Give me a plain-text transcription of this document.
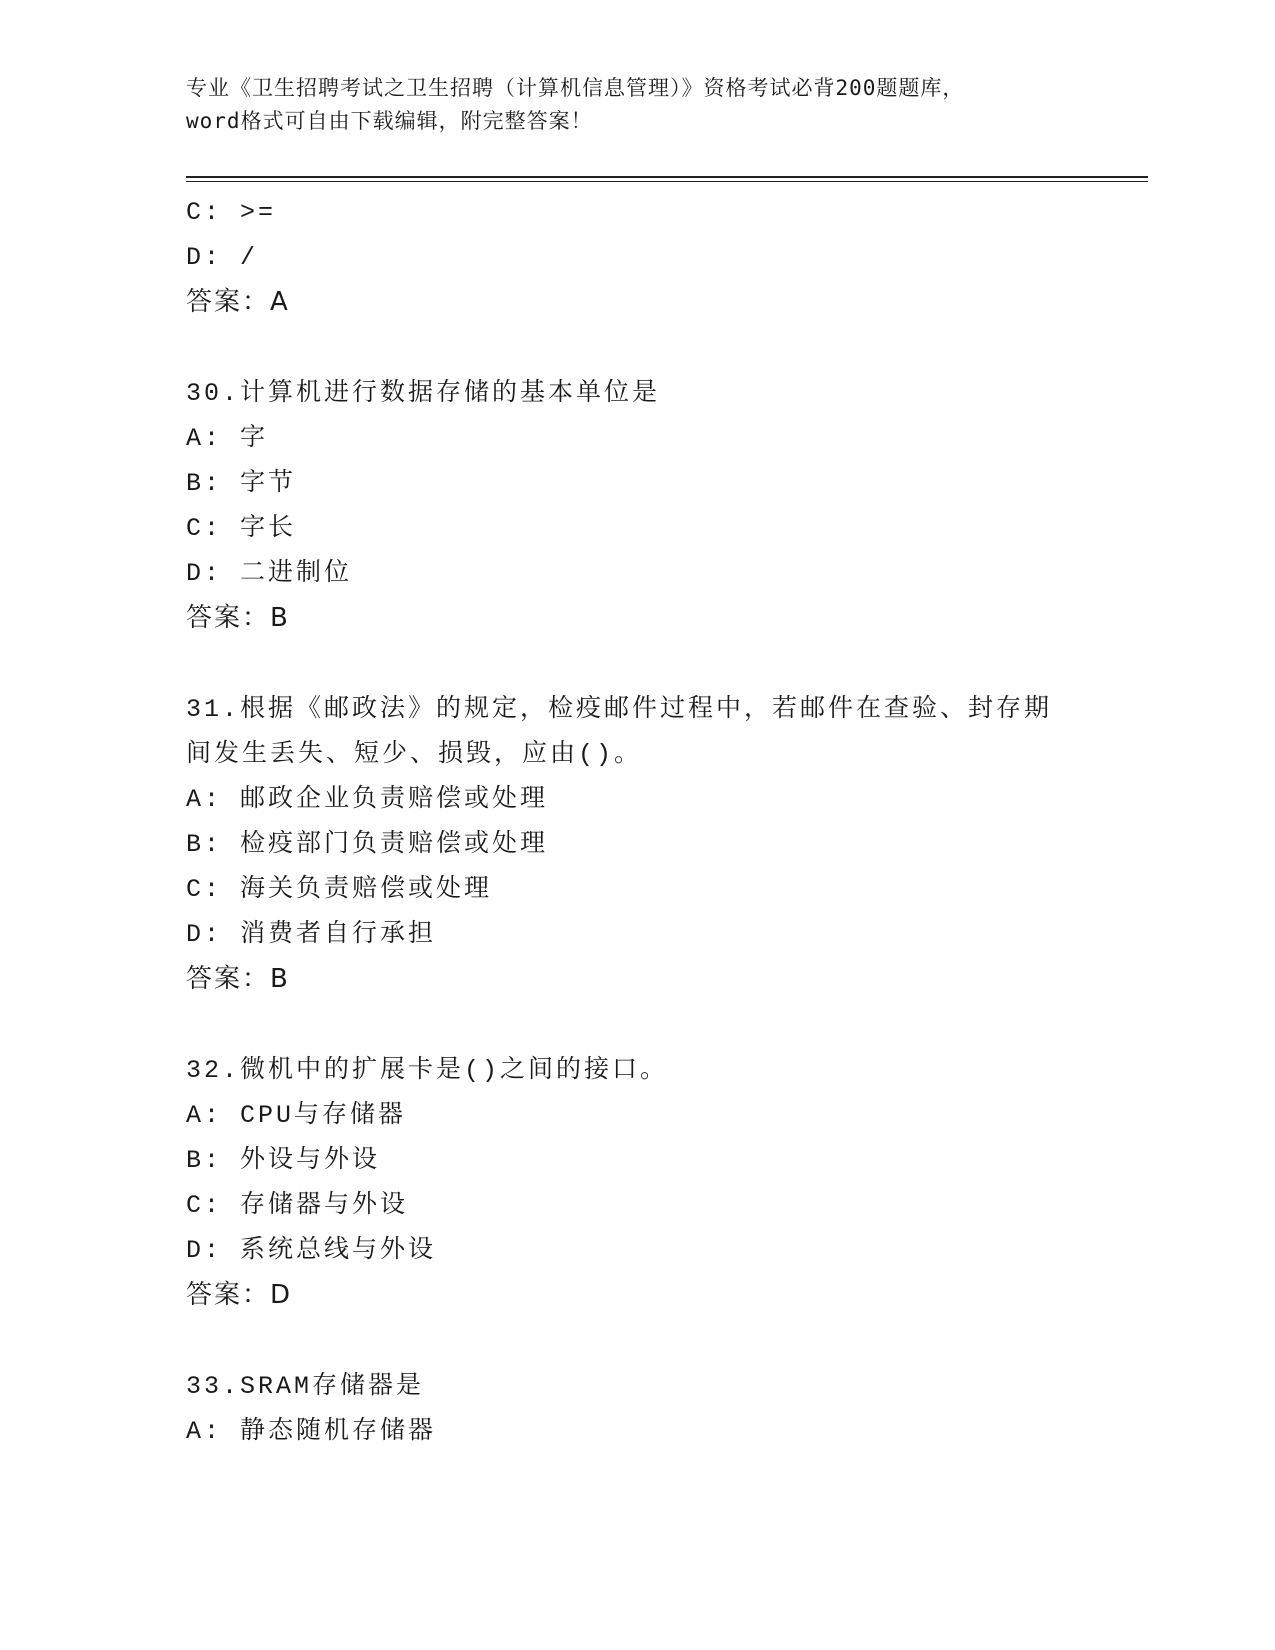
专业《卫生招聘考试之卫生招聘（计算机信息管理）》资格考试必背200题题库，
word格式可自由下载编辑，附完整答案！
C: >=
D: /
答案：A
30.计算机进行数据存储的基本单位是
A: 字
B: 字节
C: 字长
D: 二进制位
答案：B
31.根据《邮政法》的规定，检疫邮件过程中，若邮件在查验、封存期
间发生丢失、短少、损毁，应由()。
A: 邮政企业负责赔偿或处理
B: 检疫部门负责赔偿或处理
C: 海关负责赔偿或处理
D: 消费者自行承担
答案：B
32.微机中的扩展卡是()之间的接口。
A: CPU与存储器
B: 外设与外设
C: 存储器与外设
D: 系统总线与外设
答案：D
33.SRAM存储器是
A: 静态随机存储器
